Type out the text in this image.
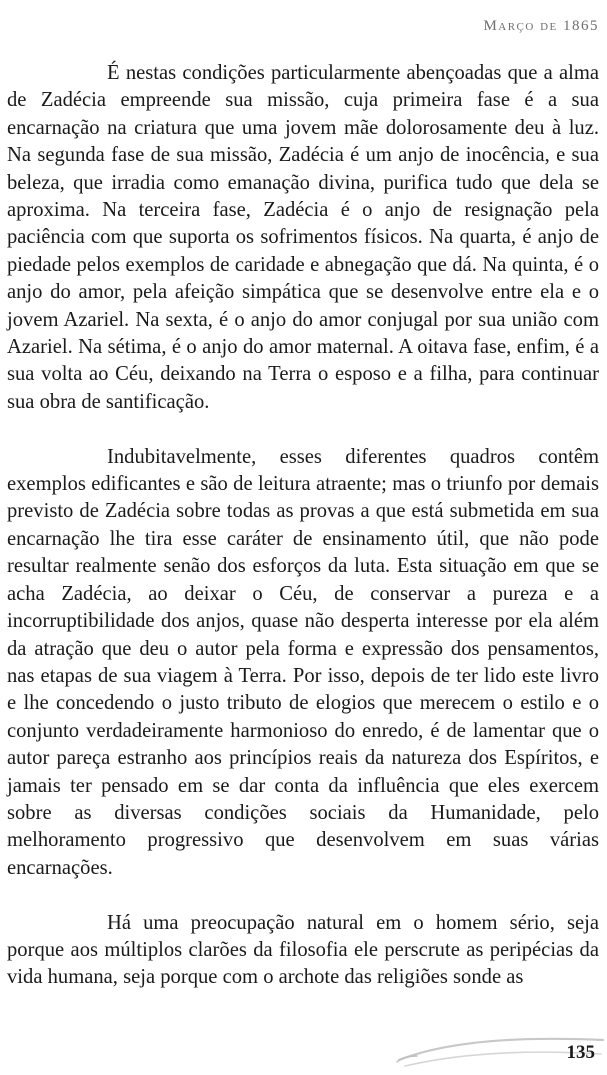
Março de 1865

É nestas condições particularmente abençoadas que a alma de Zadécia empreende sua missão, cuja primeira fase é a sua encarnação na criatura que uma jovem mãe dolorosamente deu à luz. Na segunda fase de sua missão, Zadécia é um anjo de inocência, e sua beleza, que irradia como emanação divina, purifica tudo que dela se aproxima. Na terceira fase, Zadécia é o anjo de resignação pela paciência com que suporta os sofrimentos físicos. Na quarta, é anjo de piedade pelos exemplos de caridade e abnegação que dá. Na quinta, é o anjo do amor, pela afeição simpática que se desenvolve entre ela e o jovem Azariel. Na sexta, é o anjo do amor conjugal por sua união com Azariel. Na sétima, é o anjo do amor maternal. A oitava fase, enfim, é a sua volta ao Céu, deixando na Terra o esposo e a filha, para continuar sua obra de santificação.

Indubitavelmente, esses diferentes quadros contêm exemplos edificantes e são de leitura atraente; mas o triunfo por demais previsto de Zadécia sobre todas as provas a que está submetida em sua encarnação lhe tira esse caráter de ensinamento útil, que não pode resultar realmente senão dos esforços da luta. Esta situação em que se acha Zadécia, ao deixar o Céu, de conservar a pureza e a incorruptibilidade dos anjos, quase não desperta interesse por ela além da atração que deu o autor pela forma e expressão dos pensamentos, nas etapas de sua viagem à Terra. Por isso, depois de ter lido este livro e lhe concedendo o justo tributo de elogios que merecem o estilo e o conjunto verdadeiramente harmonioso do enredo, é de lamentar que o autor pareça estranho aos princípios reais da natureza dos Espíritos, e jamais ter pensado em se dar conta da influência que eles exercem sobre as diversas condições sociais da Humanidade, pelo melhoramento progressivo que desenvolvem em suas várias encarnações.

Há uma preocupação natural em o homem sério, seja porque aos múltiplos clarões da filosofia ele perscrute as peripécias da vida humana, seja porque com o archote das religiões sonde as

135
